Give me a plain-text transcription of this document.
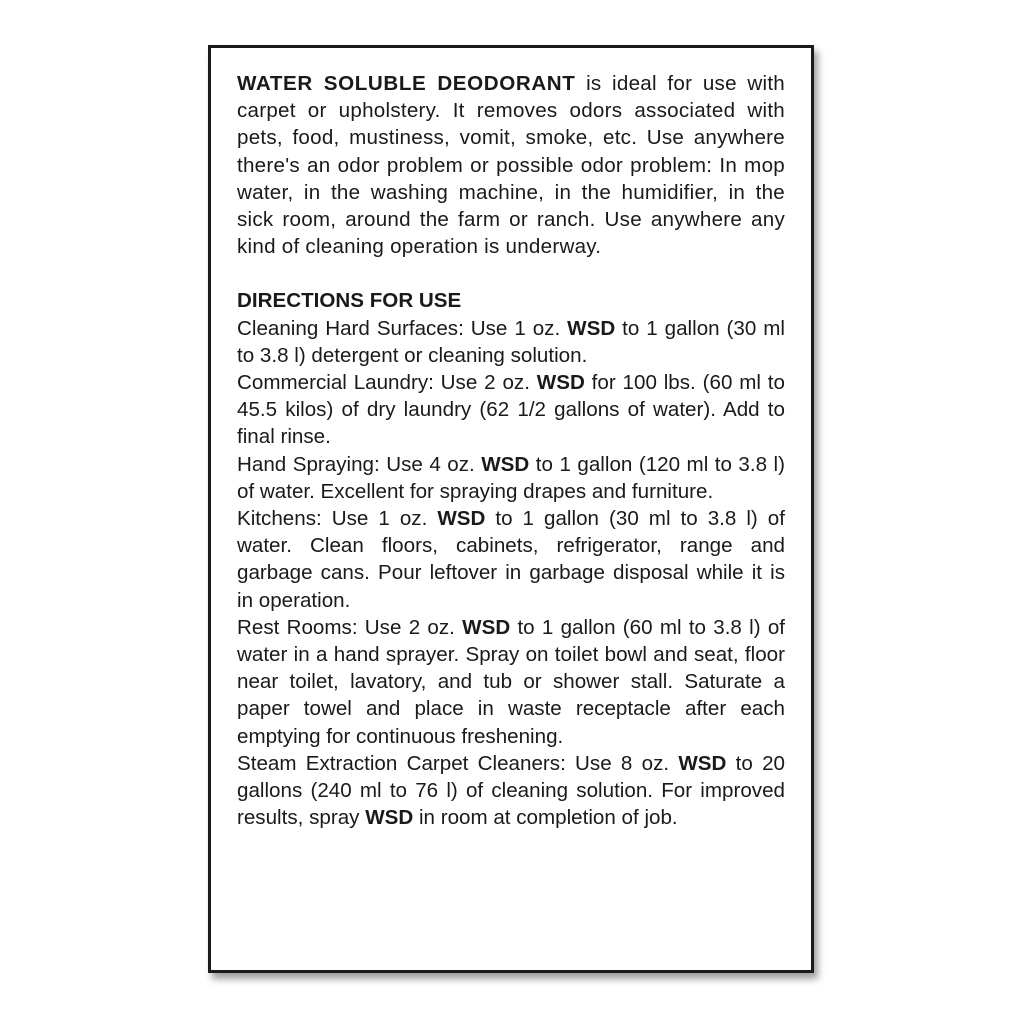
WATER SOLUBLE DEODORANT is ideal for use with carpet or upholstery. It removes odors associated with pets, food, mustiness, vomit, smoke, etc. Use anywhere there's an odor problem or possible odor problem: In mop water, in the washing machine, in the humidifier, in the sick room, around the farm or ranch. Use anywhere any kind of cleaning operation is underway.

DIRECTIONS FOR USE

Cleaning Hard Surfaces: Use 1 oz. WSD to 1 gallon (30 ml to 3.8 l) detergent or cleaning solution.

Commercial Laundry: Use 2 oz. WSD for 100 lbs. (60 ml to 45.5 kilos) of dry laundry (62 1/2 gallons of water). Add to final rinse.

Hand Spraying: Use 4 oz. WSD to 1 gallon (120 ml to 3.8 l) of water. Excellent for spraying drapes and furniture.

Kitchens: Use 1 oz. WSD to 1 gallon (30 ml to 3.8 l) of water. Clean floors, cabinets, refrigerator, range and garbage cans. Pour leftover in garbage disposal while it is in operation.

Rest Rooms: Use 2 oz. WSD to 1 gallon (60 ml to 3.8 l) of water in a hand sprayer. Spray on toilet bowl and seat, floor near toilet, lavatory, and tub or shower stall. Saturate a paper towel and place in waste receptacle after each emptying for continuous freshening.

Steam Extraction Carpet Cleaners: Use 8 oz. WSD to 20 gallons (240 ml to 76 l) of cleaning solution. For improved results, spray WSD in room at completion of job.
